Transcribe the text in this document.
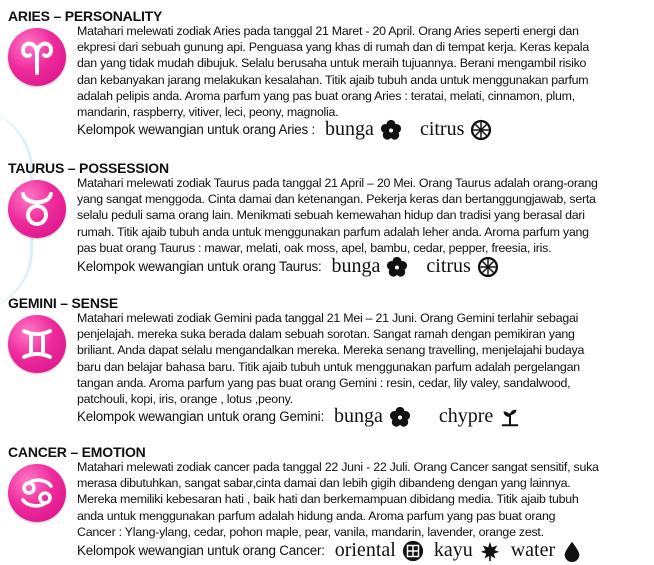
ARIES – PERSONALITY
Matahari melewati zodiak Aries pada tanggal 21 Maret - 20 April. Orang Aries seperti energi dan
ekpresi dari sebuah gunung api. Penguasa yang khas di rumah dan di tempat kerja. Keras kepala
dan yang tidak mudah dibujuk. Selalu berusaha untuk meraih tujuannya. Berani mengambil risiko
dan kebanyakan jarang melakukan kesalahan. Titik ajaib tubuh anda untuk menggunakan parfum
adalah pelipis anda. Aroma parfum yang pas buat orang Aries : teratai, melati, cinnamon, plum,
mandarin, raspberry, vitiver, leci, peony, magnolia.
Kelompok wewangian untuk orang Aries : bunga citrus
TAURUS – POSSESSION
Matahari melewati zodiak Taurus pada tanggal 21 April – 20 Mei. Orang Taurus adalah orang-orang
yang sangat menggoda. Cinta damai dan ketenangan. Pekerja keras dan bertanggungjawab, serta
selalu peduli sama orang lain. Menikmati sebuah kemewahan hidup dan tradisi yang berasal dari
rumah. Titik ajaib tubuh anda untuk menggunakan parfum adalah leher anda. Aroma parfum yang
pas buat orang Taurus : mawar, melati, oak moss, apel, bambu, cedar, pepper, freesia, iris.
Kelompok wewangian untuk orang Taurus: bunga citrus
GEMINI – SENSE
Matahari melewati zodiak Gemini pada tanggal 21 Mei – 21 Juni. Orang Gemini terlahir sebagai
penjelajah. mereka suka berada dalam sebuah sorotan. Sangat ramah dengan pemikiran yang
briliant. Anda dapat selalu mengandalkan mereka. Mereka senang travelling, menjelajahi budaya
baru dan belajar bahasa baru. Titik ajaib tubuh untuk menggunakan parfum adalah pergelangan
tangan anda. Aroma parfum yang pas buat orang Gemini : resin, cedar, lily valey, sandalwood,
patchouli, kopi, iris, orange , lotus ,peony.
Kelompok wewangian untuk orang Gemini: bunga	chypre
CANCER – EMOTION
Matahari melewati zodiak cancer pada tanggal 22 Juni - 22 Juli. Orang Cancer sangat sensitif, suka
merasa dibutuhkan, sangat sabar,cinta damai dan lebih gigih dibandeng dengan yang lainnya.
Mereka memiliki kebesaran hati , baik hati dan berkemampuan dibidang media. Titik ajaib tubuh
anda untuk menggunakan parfum adalah hidung anda. Aroma parfum yang pas buat orang
Cancer : Ylang-ylang, cedar, pohon maple, pear, vanila, mandarin, lavender, orange zest.
Kelompok wewangian untuk orang Cancer: oriental kayu water
